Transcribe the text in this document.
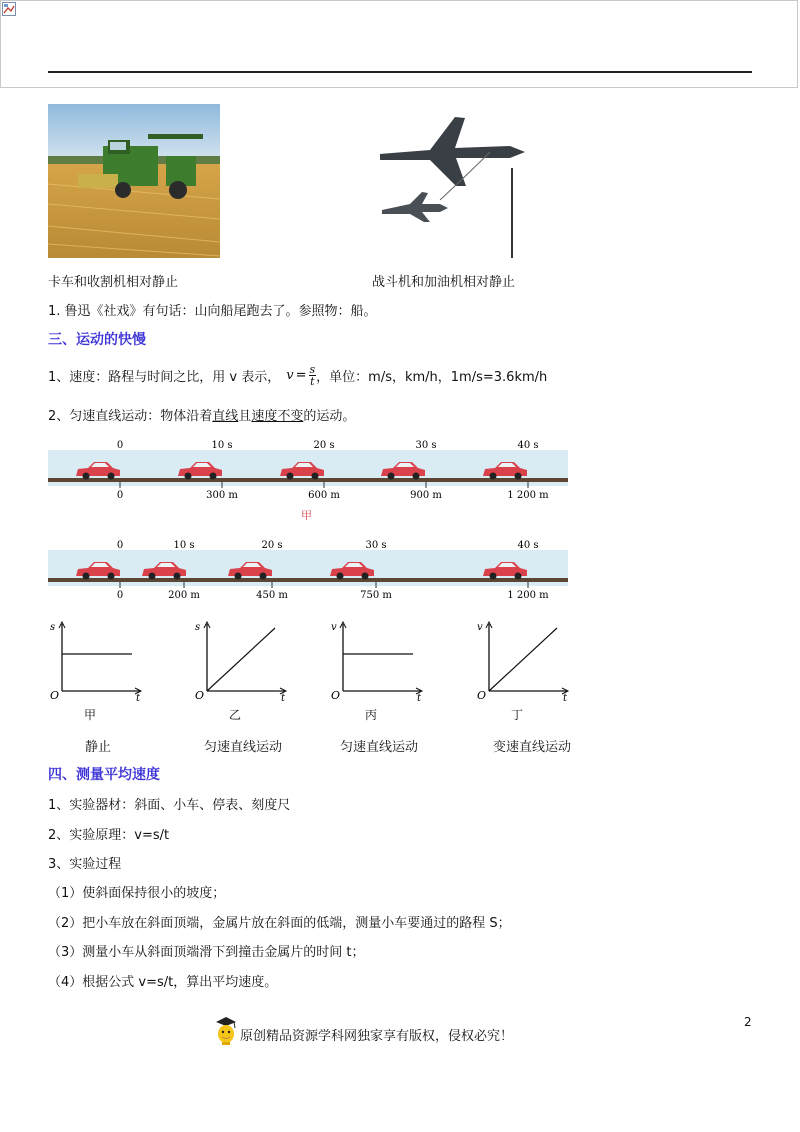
卡车和收割机相对静止	战斗机和加油机相对静止
1. 鲁迅《社戏》有句话：山向船尾跑去了。参照物：船。
三、运动的快慢
1、速度：路程与时间之比，用 v 表示， $v = \frac{s}{t}$ ，单位：m/s，km/h，1m/s=3.6km/h
2、匀速直线运动：物体沿着直线且速度不变的运动。
0	10 s	20 s	30 s	40 s
0	300 m	600 m	900 m	1 200 m
甲
0	10 s	20 s	30 s	40 s
0	200 m	450 m	750 m	1 200 m
s
t
O
甲
静止
s
t
O
乙
匀速直线运动
v
t
O
丙
匀速直线运动
v
t
O
丁
变速直线运动
四、测量平均速度
1、实验器材：斜面、小车、停表、刻度尺
2、实验原理：v=s/t
3、实验过程
（1）使斜面保持很小的坡度；
（2）把小车放在斜面顶端，金属片放在斜面的低端，测量小车要通过的路程 S；
（3）测量小车从斜面顶端滑下到撞击金属片的时间 t；
（4）根据公式 v=s/t，算出平均速度。
原创精品资源学科网独家享有版权，侵权必究！
2
